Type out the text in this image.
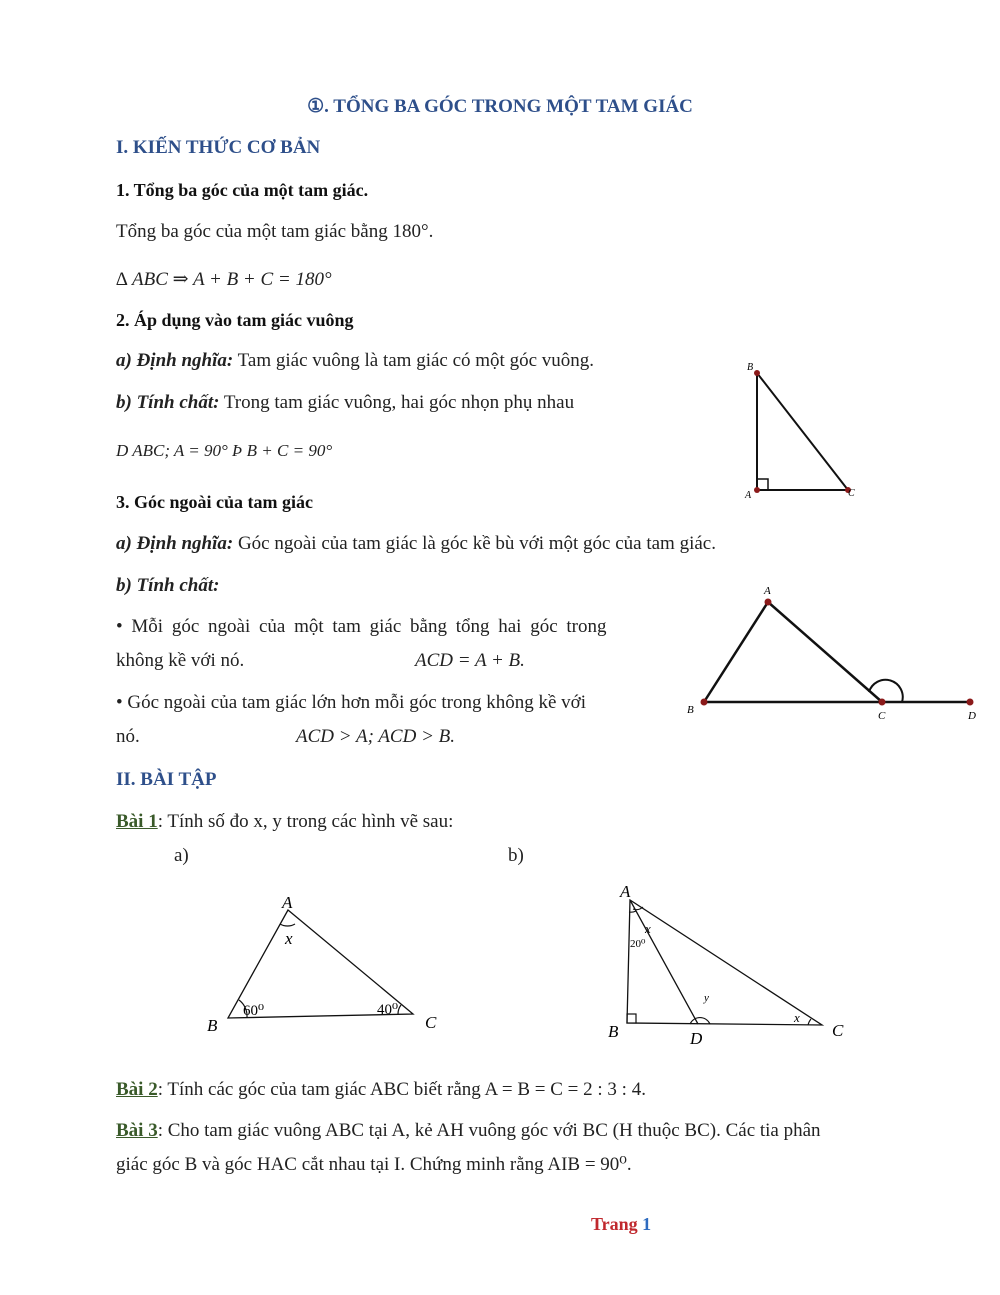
①. TỔNG BA GÓC TRONG MỘT TAM GIÁC
I. KIẾN THỨC CƠ BẢN
1. Tổng ba góc của một tam giác.
Tổng ba góc của một tam giác bằng 180°.
∆ ABC ⇒ A + B + C = 180°
2. Áp dụng vào tam giác vuông
a) Định nghĩa: Tam giác vuông là tam giác có một góc vuông.
b) Tính chất: Trong tam giác vuông, hai góc nhọn phụ nhau
D ABC; A = 90° Þ B + C = 90°
B
A	C
3. Góc ngoài của tam giác
a) Định nghĩa: Góc ngoài của tam giác là góc kề bù với một góc của tam giác.
b) Tính chất:
• Mỗi góc ngoài của một tam giác bằng tổng hai góc trong
không kề với nó.	ACD = A + B.
• Góc ngoài của tam giác lớn hơn mỗi góc trong không kề với
nó.	ACD > A; ACD > B.
A
B	C	D
II. BÀI TẬP
Bài 1: Tính số đo x, y trong các hình vẽ sau:
a)	b)
A
B	C
x
60⁰	40⁰
A
B	D	C
x
y
x
20⁰
Bài 2: Tính các góc của tam giác ABC biết rằng A = B = C = 2 : 3 : 4.
Bài 3: Cho tam giác vuông ABC tại A, kẻ AH vuông góc với BC (H thuộc BC). Các tia phân
giác góc B và góc HAC cắt nhau tại I. Chứng minh rằng AIB = 90⁰.
Trang 1
